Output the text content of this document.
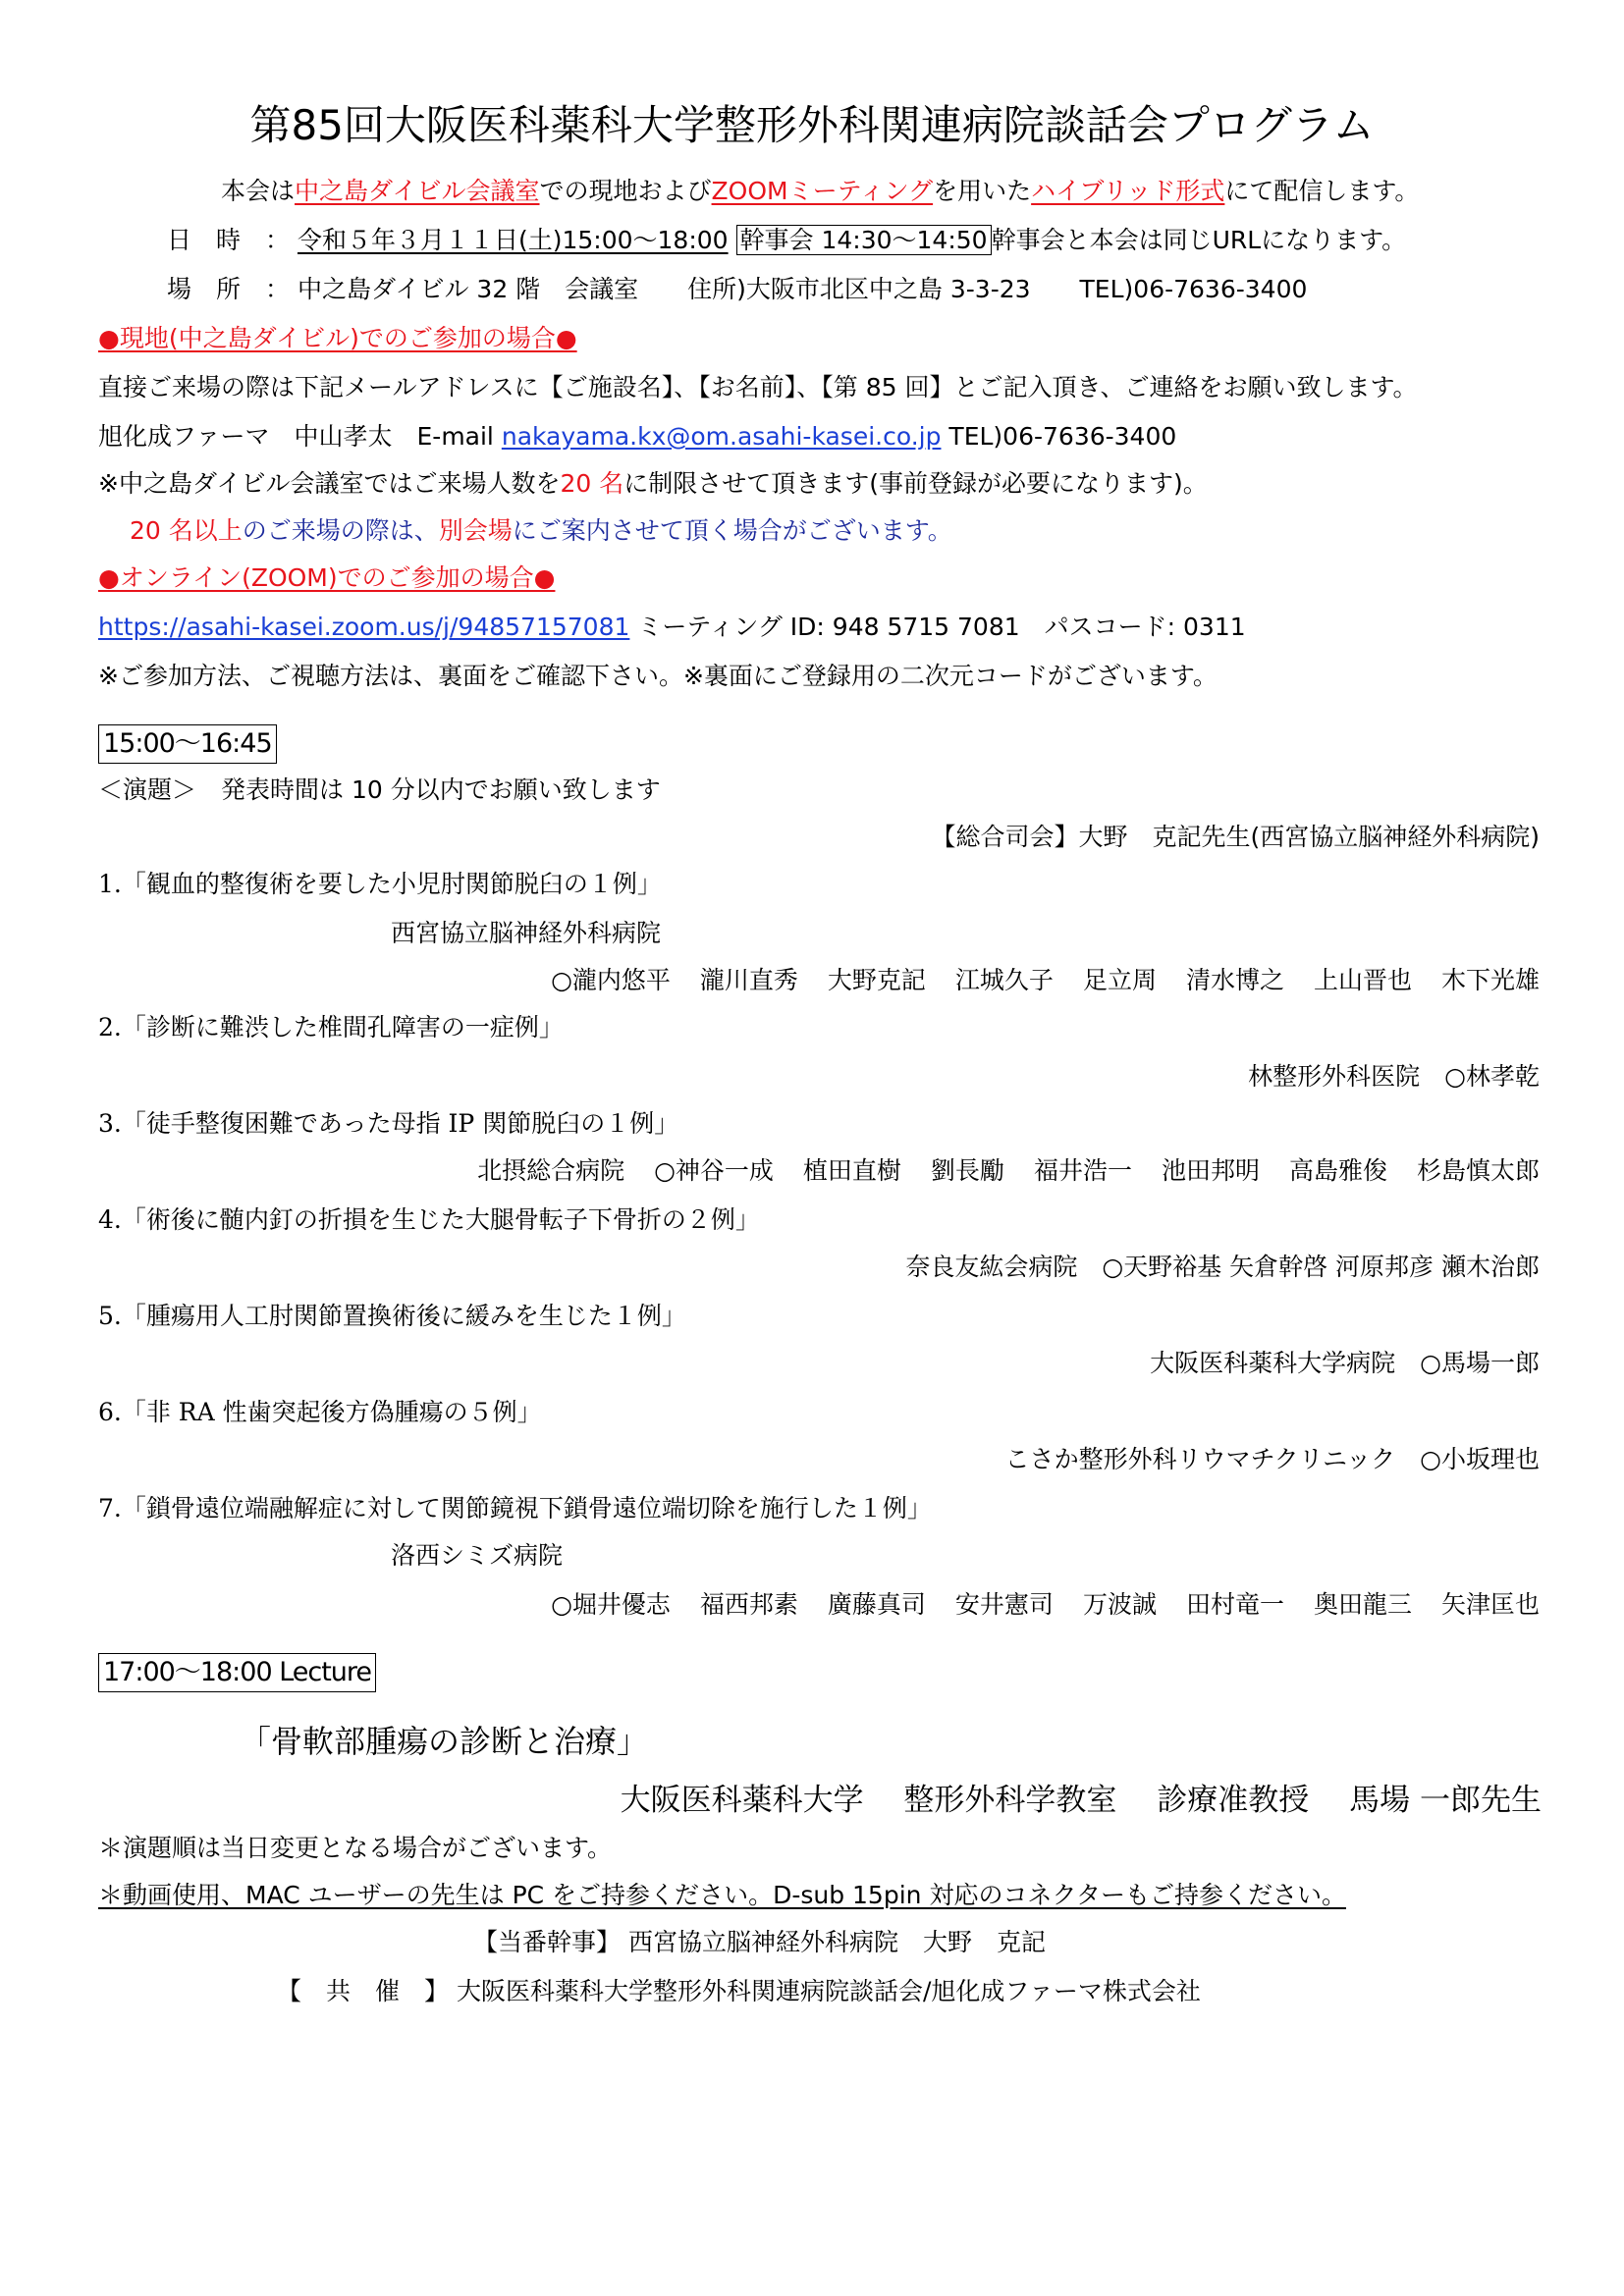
第85回大阪医科薬科大学整形外科関連病院談話会プログラム
本会は中之島ダイビル会議室での現地およびZOOMミーティングを用いたハイブリッド形式にて配信します。
日　時　： 令和５年３月１１日(土)15:00〜18:00 幹事会 14:30〜14:50 幹事会と本会は同じURLになります。
場　所　： 中之島ダイビル 32 階　会議室　　住所)大阪市北区中之島 3-3-23　　TEL)06-7636-3400
●現地(中之島ダイビル)でのご参加の場合●
直接ご来場の際は下記メールアドレスに【ご施設名】、【お名前】、【第 85 回】とご記入頂き、ご連絡をお願い致します。
旭化成ファーマ　中山孝太　E-mail nakayama.kx@om.asahi-kasei.co.jp TEL)06-7636-3400
※中之島ダイビル会議室ではご来場人数を20 名に制限させて頂きます(事前登録が必要になります)。
20 名以上のご来場の際は、別会場にご案内させて頂く場合がございます。
●オンライン(ZOOM)でのご参加の場合●
https://asahi-kasei.zoom.us/j/94857157081 ミーティング ID: 948 5715 7081　パスコード: 0311
※ご参加方法、ご視聴方法は、裏面をご確認下さい。※裏面にご登録用の二次元コードがございます。
15:00〜16:45
＜演題＞　発表時間は 10 分以内でお願い致します
【総合司会】大野　克記先生(西宮協立脳神経外科病院)
1.「観血的整復術を要した小児肘関節脱臼の１例」
西宮協立脳神経外科病院
○瀧内悠平 瀧川直秀 大野克記 江城久子 足立周 清水博之 上山晋也 木下光雄
2.「診断に難渋した椎間孔障害の一症例」
林整形外科医院　○林孝乾
3.「徒手整復困難であった母指 IP 関節脱臼の１例」
北摂総合病院 ○神谷一成 植田直樹 劉長勵 福井浩一 池田邦明 高島雅俊 杉島慎太郎
4.「術後に髄内釘の折損を生じた大腿骨転子下骨折の２例」
奈良友紘会病院　○天野裕基 矢倉幹啓 河原邦彦 瀬木治郎
5.「腫瘍用人工肘関節置換術後に緩みを生じた１例」
大阪医科薬科大学病院　○馬場一郎
6.「非 RA 性歯突起後方偽腫瘍の５例」
こさか整形外科リウマチクリニック　○小坂理也
7.「鎖骨遠位端融解症に対して関節鏡視下鎖骨遠位端切除を施行した１例」
洛西シミズ病院
○堀井優志 福西邦素 廣藤真司 安井憲司 万波誠 田村竜一 奥田龍三 矢津匡也
17:00〜18:00 Lecture
「骨軟部腫瘍の診断と治療」
大阪医科薬科大学　 整形外科学教室　 診療准教授　 馬場 一郎先生
＊演題順は当日変更となる場合がございます。
＊動画使用、MAC ユーザーの先生は PC をご持参ください。D-sub 15pin 対応のコネクターもご持参ください。
【当番幹事】 西宮協立脳神経外科病院　大野　克記
【　共　催　】 大阪医科薬科大学整形外科関連病院談話会/旭化成ファーマ株式会社
